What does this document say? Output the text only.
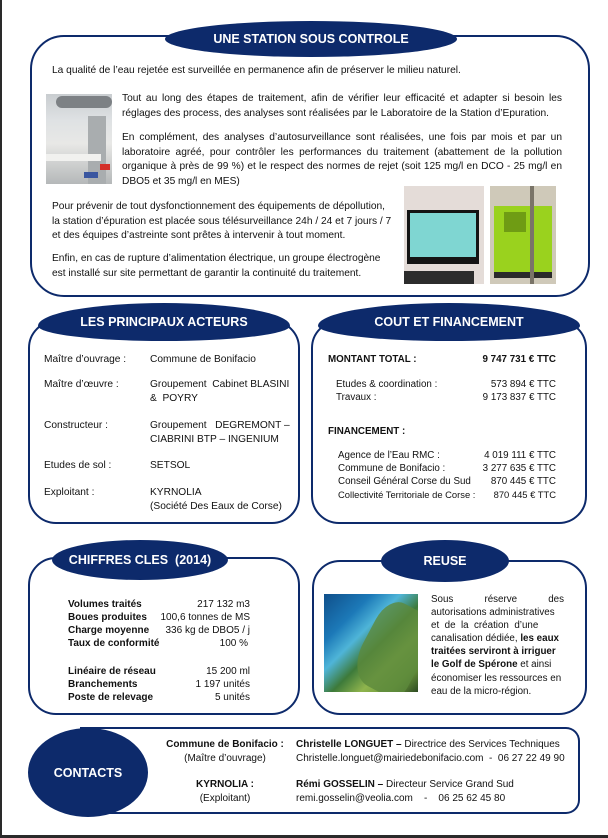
UNE STATION SOUS CONTROLE
La qualité de l’eau rejetée est surveillée en permanence afin de préserver le milieu naturel.
Tout au long des étapes de traitement, afin de vérifier leur efficacité et adapter si besoin les réglages des process, des analyses sont réalisées par le Laboratoire de la Station d’Epuration.
En complément, des analyses d’autosurveillance sont réalisées, une fois par mois et par un laboratoire agréé, pour contrôler les performances du traitement (abattement de la pollution organique à près de 99 %) et le respect des normes de rejet (soit 125 mg/l en DCO - 25 mg/l en DBO5 et 35 mg/l en MES)
Pour prévenir de tout dysfonctionnement des équipements de dépollution,
la station d’épuration est placée sous télésurveillance 24h / 24 et 7 jours / 7
et des équipes d’astreinte sont prêtes à intervenir à tout moment.
Enfin, en cas de rupture d’alimentation électrique, un groupe électrogène
est installé sur site permettant de garantir la continuité du traitement.
LES PRINCIPAUX ACTEURS
Maître d’ouvrage : Commune de Bonifacio
Maître d’œuvre :	Groupement  Cabinet BLASINI
&  POYRY
Constructeur :	Groupement   DEGREMONT –
CIABRINI BTP – INGENIUM
Etudes de sol :	SETSOL
Exploitant :	KYRNOLIA
(Société Des Eaux de Corse)
COUT ET FINANCEMENT
MONTANT TOTAL :	9 747 731 € TTC
Etudes & coordination :	573 894 € TTC
Travaux :	9 173 837 € TTC
FINANCEMENT :
Agence de l’Eau RMC :	4 019 111 € TTC
Commune de Bonifacio :	3 277 635 € TTC
Conseil Général Corse du Sud	870 445 € TTC
Collectivité Territoriale de Corse :	870 445 € TTC
CHIFFRES CLES  (2014)
Volumes traités	217 132 m3
Boues produites	100,6 tonnes de MS
Charge moyenne	336 kg de DBO5 / j
Taux de conformité	100 %
Linéaire de réseau	15 200 ml
Branchements	1 197 unités
Poste de relevage	5 unités
REUSE
Sous	réserve	des
autorisations administratives
et  de  la  création  d’une
canalisation dédiée, les eaux
traitées serviront à irriguer
le Golf de Spérone et ainsi
économiser les ressources en
eau de la micro-région.
CONTACTS
Commune de Bonifacio :
(Maître d’ouvrage)
Christelle LONGUET – Directrice des Services Techniques
Christelle.longuet@mairiedebonifacio.com  -  06 27 22 49 90
KYRNOLIA :
(Exploitant)
Rémi GOSSELIN – Directeur Service Grand Sud
remi.gosselin@veolia.com    -    06 25 62 45 80
